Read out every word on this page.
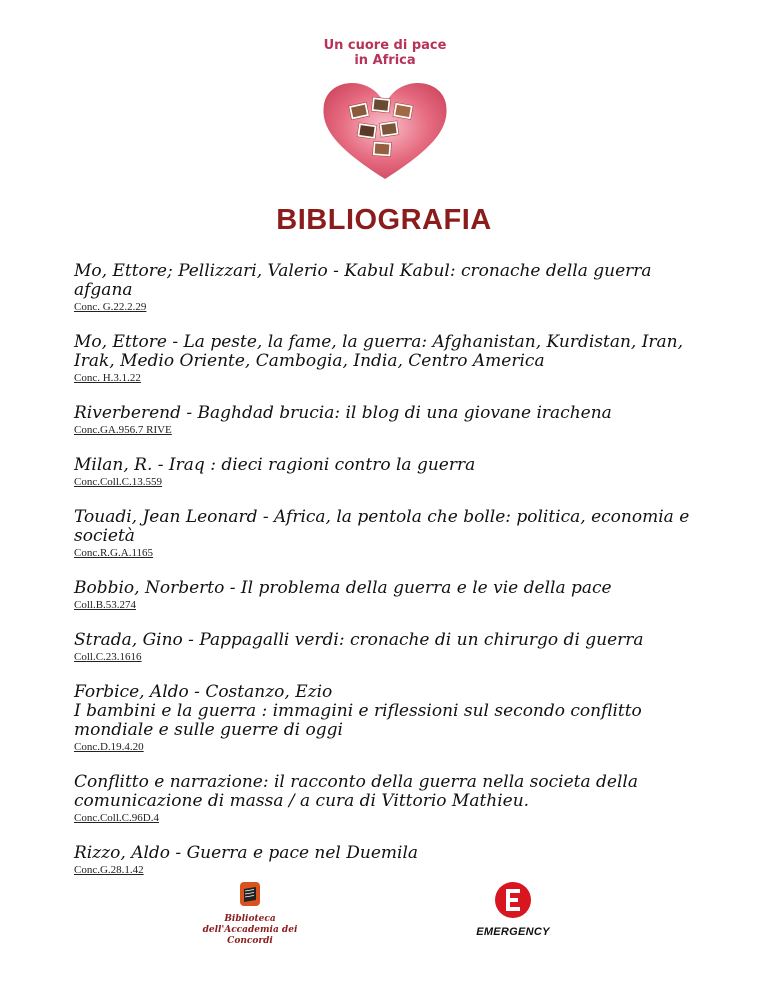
Un cuore di pace
in Africa
BIBLIOGRAFIA
Mo, Ettore; Pellizzari, Valerio - Kabul Kabul: cronache della guerra
afgana
Conc. G.22.2.29
Mo, Ettore - La peste, la fame, la guerra: Afghanistan, Kurdistan, Iran,
Irak, Medio Oriente, Cambogia, India, Centro America
Conc. H.3.1.22
Riverberend - Baghdad brucia: il blog di una giovane irachena
Conc.GA.956.7 RIVE
Milan, R. - Iraq : dieci ragioni contro la guerra
Conc.Coll.C.13.559
Touadi, Jean Leonard - Africa, la pentola che bolle: politica, economia e
società
Conc.R.G.A.1165
Bobbio, Norberto - Il problema della guerra e le vie della pace
Coll.B.53.274
Strada, Gino - Pappagalli verdi: cronache di un chirurgo di guerra
Coll.C.23.1616
Forbice, Aldo - Costanzo, Ezio
I bambini e la guerra : immagini e riflessioni sul secondo conflitto
mondiale e sulle guerre di oggi
Conc.D.19.4.20
Conflitto e narrazione: il racconto della guerra nella societa della
comunicazione di massa / a cura di Vittorio Mathieu.
Conc.Coll.C.96D.4
Rizzo, Aldo - Guerra e pace nel Duemila
Conc.G.28.1.42
Biblioteca
dell'Accademia dei Concordi
EMERGENCY
